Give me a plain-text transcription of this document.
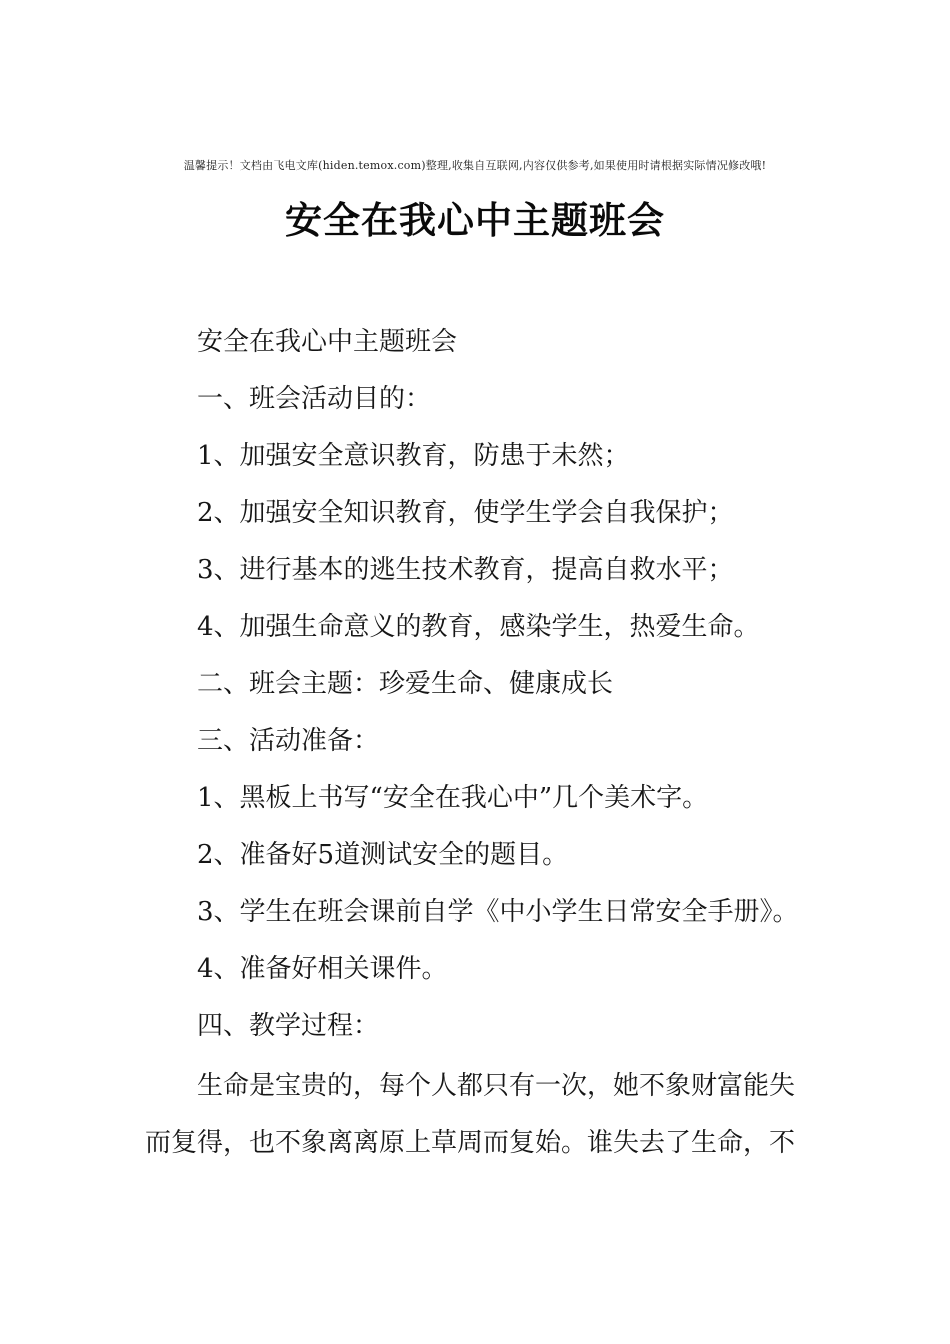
温馨提示！文档由飞电文库(hiden.temox.com)整理,收集自互联网,内容仅供参考,如果使用时请根据实际情况修改哦!
安全在我心中主题班会
安全在我心中主题班会
一、班会活动目的：
1、加强安全意识教育，防患于未然；
2、加强安全知识教育，使学生学会自我保护；
3、进行基本的逃生技术教育，提高自救水平；
4、加强生命意义的教育，感染学生，热爱生命。
二、班会主题：珍爱生命、健康成长
三、活动准备：
1、黑板上书写“安全在我心中”几个美术字。
2、准备好5道测试安全的题目。
3、学生在班会课前自学《中小学生日常安全手册》。
4、准备好相关课件。
四、教学过程：
生命是宝贵的，每个人都只有一次，她不象财富能失而复得，也不象离离原上草周而复始。谁失去了生命，不
